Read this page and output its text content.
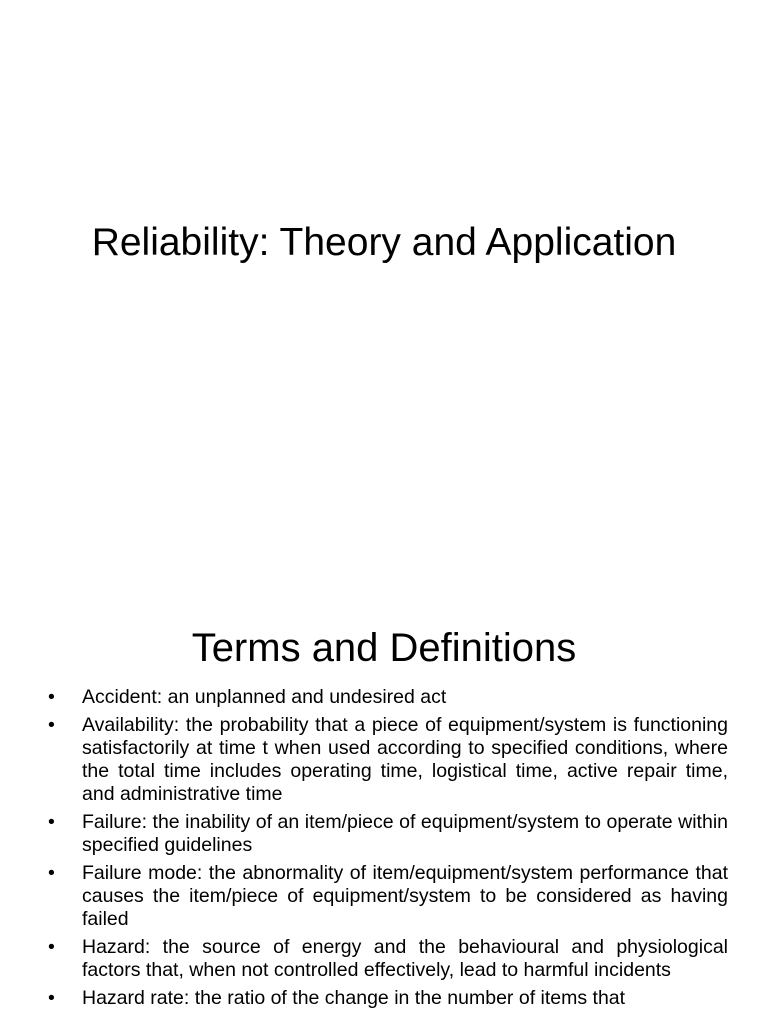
Reliability: Theory and Application
Terms and Definitions
• Accident: an unplanned and undesired act
• Availability: the probability that a piece of equipment/system is functioning satisfactorily at time t when used according to specified conditions, where the total time includes operating time, logistical time, active repair time, and administrative time
• Failure: the inability of an item/piece of equipment/system to operate within specified guidelines
• Failure mode: the abnormality of item/equipment/system performance that causes the item/piece of equipment/system to be considered as having failed
• Hazard: the source of energy and the behavioural and physiological factors that, when not controlled effectively, lead to harmful incidents
• Hazard rate: the ratio of the change in the number of items that
